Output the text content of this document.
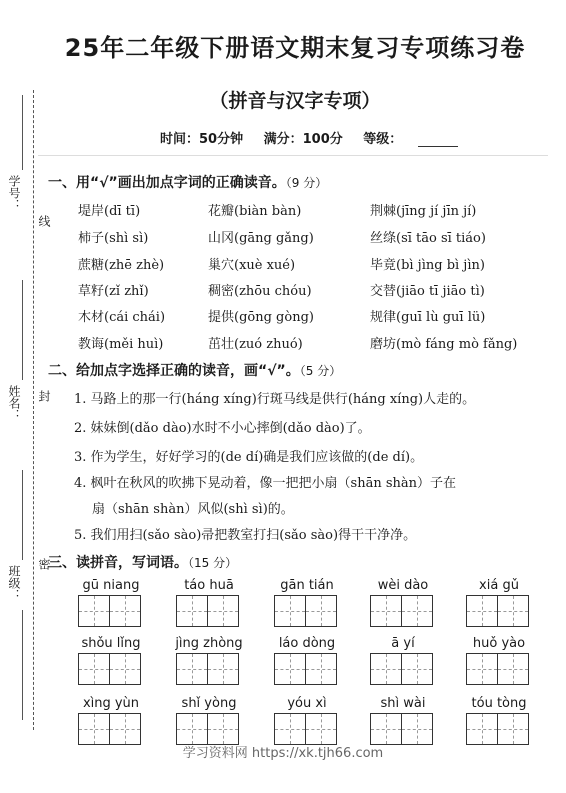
学号：
线
姓名： 封
班级：
密
25年二年级下册语文期末复习专项练习卷
（拼音与汉字专项）
时间：50分钟 满分：100分 等级：
一、用“√”画出加点字词的正确读音。（9 分）
堤岸(dī tī)	花瓣(biàn bàn)	荆棘(jīng jí jīn jí)
柿子(shì sì)	山冈(gāng gǎng)	丝绦(sī tāo sī tiáo)
蔗糖(zhē zhè)	巢穴(xuè xué)	毕竟(bì jìng bì jìn)
草籽(zǐ zhǐ)	稠密(zhōu chóu)	交替(jiāo tī jiāo tì)
木材(cái chái)	提供(gōng gòng)	规律(guī lù guī lü)
教诲(měi huì)	茁壮(zuó zhuó)	磨坊(mò fáng mò fǎng)
二、给加点字选择正确的读音，画“√”。（5 分）
1. 马路上的那一行(háng xíng)行斑马线是供行(háng xíng)人走的。
2. 妹妹倒(dǎo dào)水时不小心摔倒(dǎo dào)了。
3. 作为学生，好好学习的(de dí)确是我们应该做的(de dí)。
4. 枫叶在秋风的吹拂下晃动着，像一把把小扇（shān shàn）子在
扇（shān shàn）风似(shì sì)的。
5. 我们用扫(sǎo sào)帚把教室打扫(sǎo sào)得干干净净。
三、读拼音，写词语。（15 分）
gū niang	táo huā	gān tián	wèi dào	xiá gǔ
shǒu lǐng	jìng zhòng	láo dòng	ā yí	huǒ yào
xìng yùn	shǐ yòng	yóu xì	shì wài	tóu tòng
学习资料网 https://xk.tjh66.com
